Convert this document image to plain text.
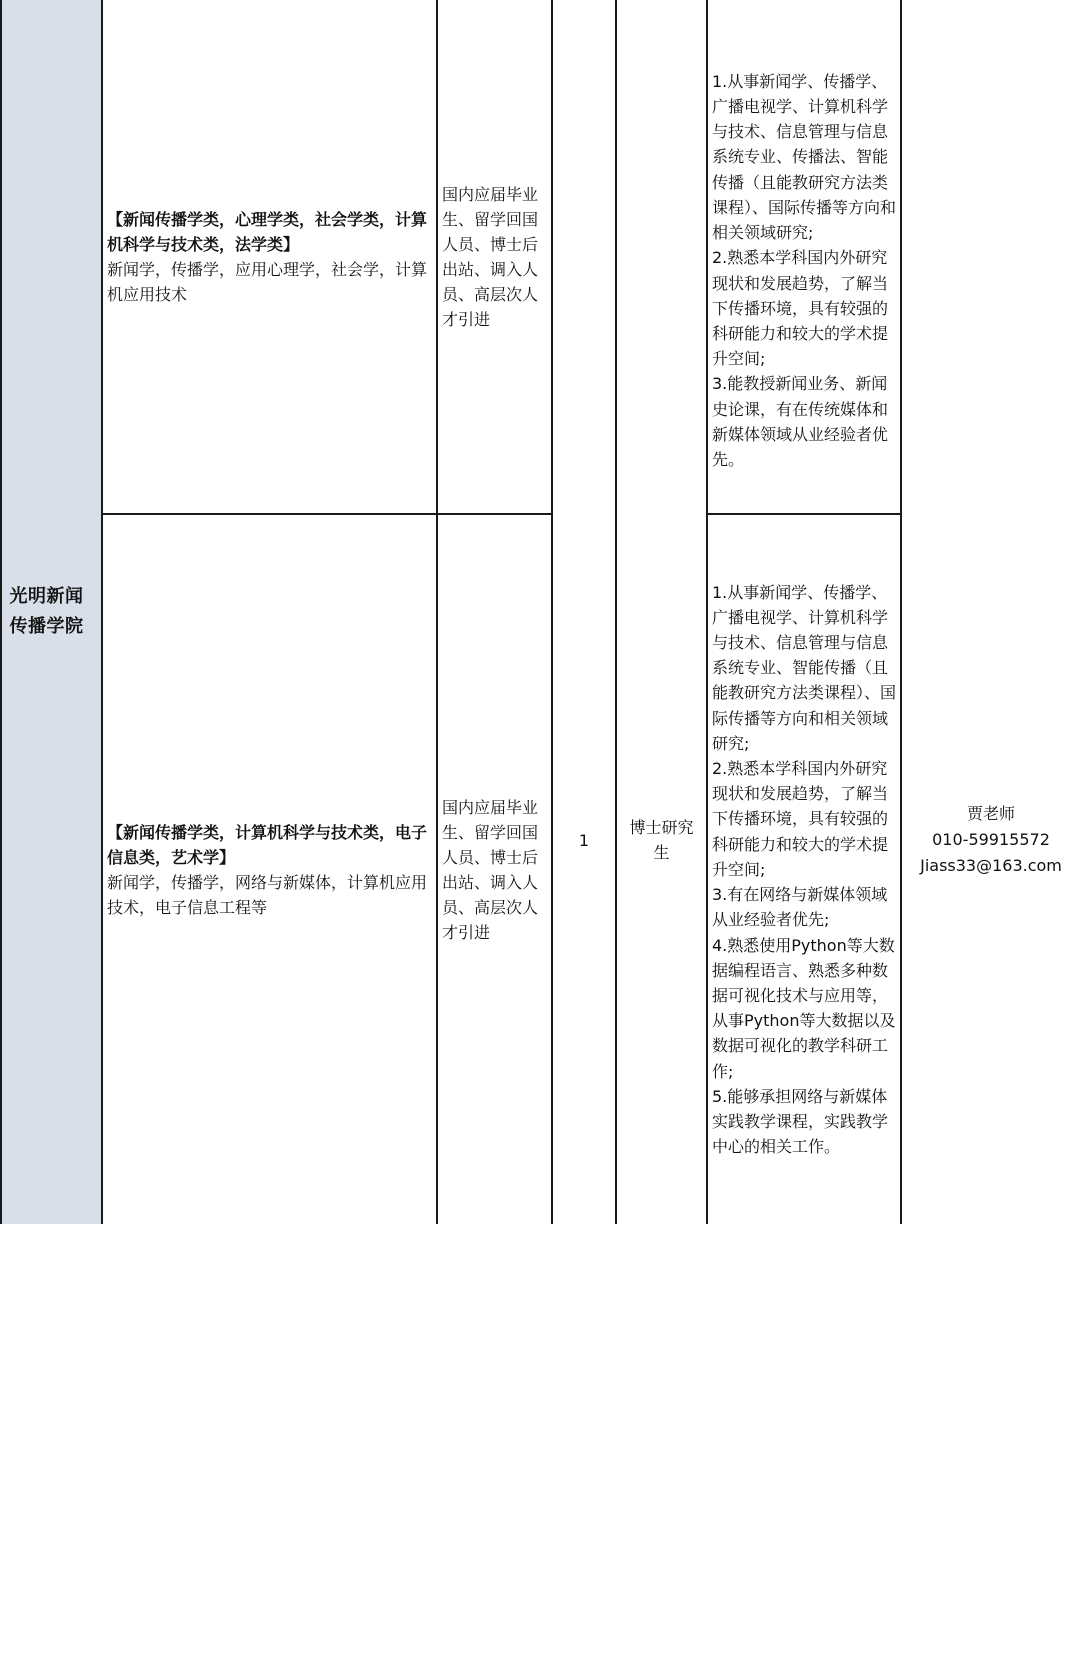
光明新闻传播学院
【新闻传播学类，心理学类，社会学类，计算机科学与技术类，法学类】
新闻学，传播学，应用心理学，社会学，计算机应用技术
【新闻传播学类，计算机科学与技术类，电子信息类，艺术学】
新闻学，传播学，网络与新媒体，计算机应用技术，电子信息工程等
国内应届毕业生、留学回国人员、博士后出站、调入人员、高层次人才引进
国内应届毕业生、留学回国人员、博士后出站、调入人员、高层次人才引进
1
博士研究生
1.从事新闻学、传播学、广播电视学、计算机科学与技术、信息管理与信息系统专业、传播法、智能传播（且能教研究方法类课程）、国际传播等方向和相关领域研究;
2.熟悉本学科国内外研究现状和发展趋势，了解当下传播环境，具有较强的科研能力和较大的学术提升空间;
3.能教授新闻业务、新闻史论课，有在传统媒体和新媒体领域从业经验者优先。
1.从事新闻学、传播学、广播电视学、计算机科学与技术、信息管理与信息系统专业、智能传播（且能教研究方法类课程）、国际传播等方向和相关领域研究;
2.熟悉本学科国内外研究现状和发展趋势，了解当下传播环境，具有较强的科研能力和较大的学术提升空间;
3.有在网络与新媒体领域从业经验者优先;
4.熟悉使用Python等大数据编程语言、熟悉多种数据可视化技术与应用等，从事Python等大数据以及数据可视化的教学科研工作;
5.能够承担网络与新媒体实践教学课程，实践教学中心的相关工作。
贾老师
010-59915572
Jiass33@163.com
